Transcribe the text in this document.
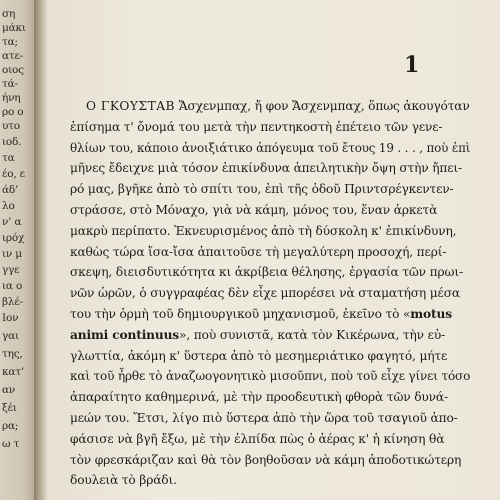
ση
μάκι
τα;
ατε-
οιος
τά-
ήνη
ρο ο
υτο
ιοδ.
τα
έο, ε
άδ’
λο
ν’ α
ιρόχ
ιν μ
γγε
ια ο
βλέ-
Ιον
γαι
της,
κατ’
αν
ξέι
ρα;
ω τ
1
Ο ΓΚΟΥΣΤΑΒ Ἄσχενμπαχ, ἤ φον Ἄσχενμπαχ, ὅπως ἀκουγόταν
ἐπίσημα τ' ὄνομά του μετὰ τὴν πεντηκοστὴ ἐπέτειο τῶν γενε-
θλίων του, κάποιο ἀνοιξιάτικο ἀπόγευμα τοῦ ἔτους 19 . . . , ποὺ ἐπὶ
μῆνες ἔδειχνε μιὰ τόσον ἐπικίνδυνα ἀπειλητικὴν ὄψη στὴν ἤπει-
ρό μας, βγῆκε ἀπὸ τὸ σπίτι του, ἐπὶ τῆς ὁδοῦ Πριντσρέγκεντεν-
στράσσε, στὸ Μόναχο, γιὰ νὰ κάμη, μόνος του, ἕναν ἀρκετὰ
μακρὺ περίπατο. Ἐκνευρισμένος ἀπὸ τὴ δύσκολη κ' ἐπικίνδυνη,
καθὼς τώρα ἴσα-ἴσα ἀπαιτοῦσε τὴ μεγαλύτερη προσοχή, περί-
σκεψη, διεισδυτικότητα κι ἀκρίβεια θέλησης, ἐργασία τῶν πρωι-
νῶν ὡρῶν, ὁ συγγραφέας δὲν εἶχε μπορέσει νὰ σταματήση μέσα
του τὴν ὁρμὴ τοῦ δημιουργικοῦ μηχανισμοῦ, ἐκεῖνο τὸ «motus
animi continuus», ποὺ συνιστᾶ, κατὰ τὸν Κικέρωνα, τὴν εὐ-
γλωττία, ἀκόμη κ' ὕστερα ἀπὸ τὸ μεσημεριάτικο φαγητό, μήτε
καὶ τοῦ ἦρθε τὸ ἀναζωογονητικὸ μισοῦπνι, ποὺ τοῦ εἶχε γίνει τόσο
ἀπαραίτητο καθημερινά, μὲ τὴν προοδευτικὴ φθορὰ τῶν δυνά-
μεών του. Ἔτσι, λίγο πιὸ ὕστερα ἀπὸ τὴν ὥρα τοῦ τσαγιοῦ ἀπο-
φάσισε νὰ βγῆ ἔξω, μὲ τὴν ἐλπίδα πὼς ὁ ἀέρας κ' ἡ κίνηση θὰ
τὸν φρεσκάριζαν καὶ θὰ τὸν βοηθοῦσαν νὰ κάμη ἀποδοτικώτερη
δουλειὰ τὸ βράδι.
